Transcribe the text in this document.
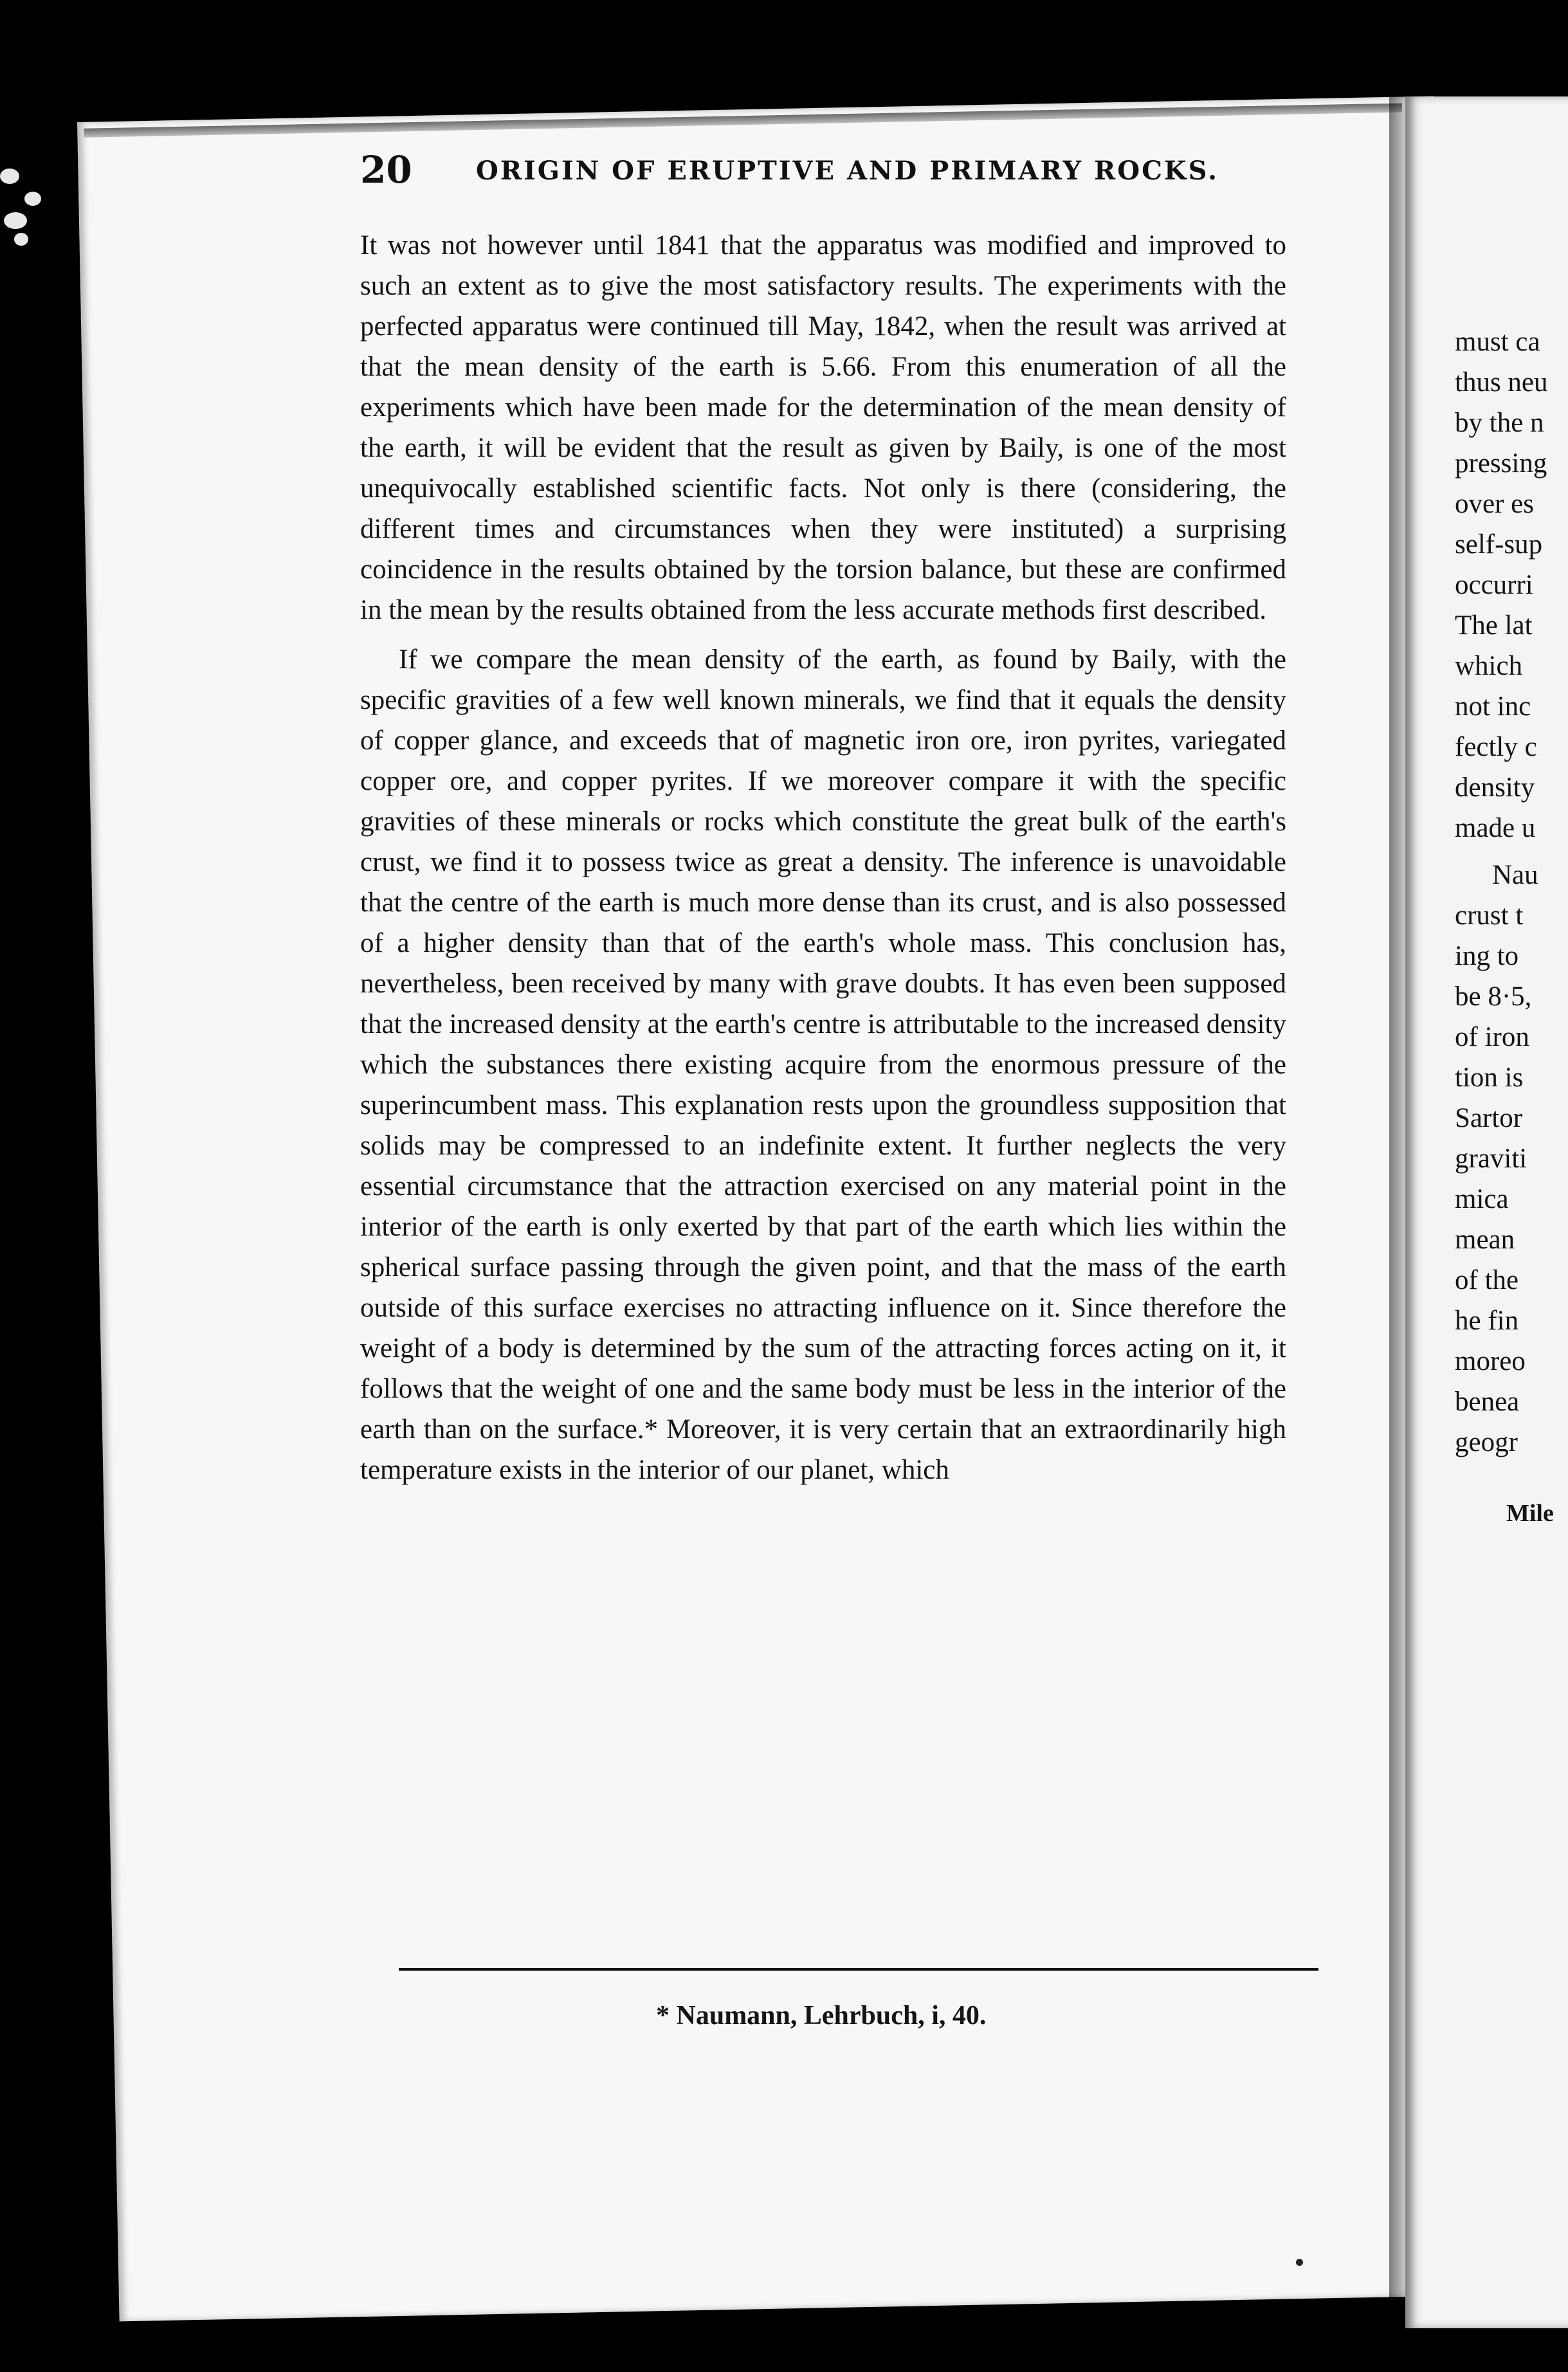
20 ORIGIN OF ERUPTIVE AND PRIMARY ROCKS.

It was not however until 1841 that the apparatus was modified and improved to such an extent as to give the most satisfactory results. The experiments with the perfected apparatus were continued till May, 1842, when the result was arrived at that the mean density of the earth is 5.66. From this enumeration of all the experiments which have been made for the determination of the mean density of the earth, it will be evident that the result as given by Baily, is one of the most unequivocally established scientific facts. Not only is there (considering, the different times and circumstances when they were instituted) a surprising coincidence in the results obtained by the torsion balance, but these are confirmed in the mean by the results obtained from the less accurate methods first described.

If we compare the mean density of the earth, as found by Baily, with the specific gravities of a few well known minerals, we find that it equals the density of copper glance, and exceeds that of magnetic iron ore, iron pyrites, variegated copper ore, and copper pyrites. If we moreover compare it with the specific gravities of these minerals or rocks which constitute the great bulk of the earth's crust, we find it to possess twice as great a density. The inference is unavoidable that the centre of the earth is much more dense than its crust, and is also possessed of a higher density than that of the earth's whole mass. This conclusion has, nevertheless, been received by many with grave doubts. It has even been supposed that the increased density at the earth's centre is attributable to the increased density which the substances there existing acquire from the enormous pressure of the superincumbent mass. This explanation rests upon the groundless supposition that solids may be compressed to an indefinite extent. It further neglects the very essential circumstance that the attraction exercised on any material point in the interior of the earth is only exerted by that part of the earth which lies within the spherical surface passing through the given point, and that the mass of the earth outside of this surface exercises no attracting influence on it. Since therefore the weight of a body is determined by the sum of the attracting forces acting on it, it follows that the weight of one and the same body must be less in the interior of the earth than on the surface.* Moreover, it is very certain that an extraordinarily high temperature exists in the interior of our planet, which

* Naumann, Lehrbuch, i, 40.
must ca
thus neu
by the n
pressing
over es
self-sup
occurri
The lat
which
not inc
fectly c
density
made u
Nau
crust t
ing to
be 8·5,
of iron
tion is
Sartor
graviti
mica
mean
of the
he fin
moreo
benea
geogr
Mile
